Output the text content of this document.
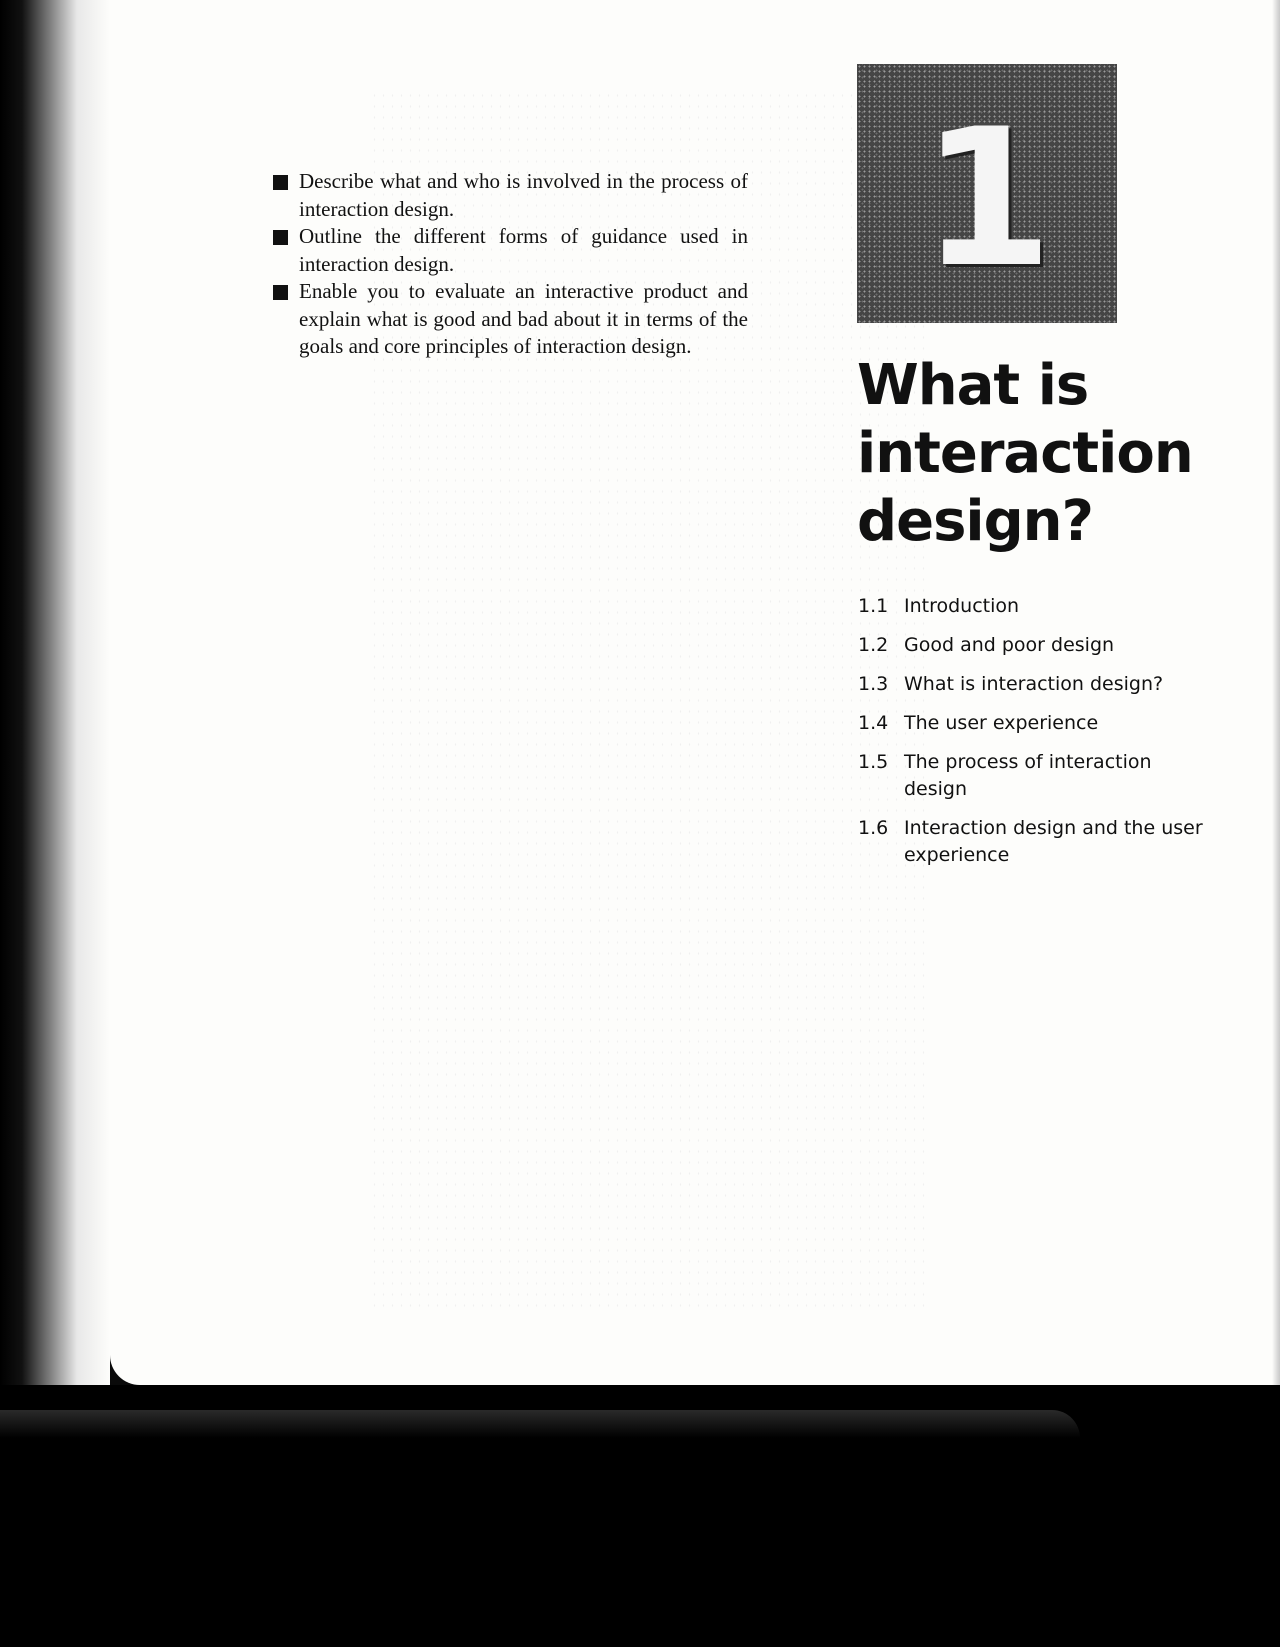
Describe what and who is involved in the process of interaction design.
Outline the different forms of guidance used in interaction design.
Enable you to evaluate an interactive product and explain what is good and bad about it in terms of the goals and core principles of interaction design.
1
What is
interaction
design?
1.1 Introduction
1.2 Good and poor design
1.3 What is interaction design?
1.4 The user experience
1.5 The process of interaction design
1.6 Interaction design and the user experience
